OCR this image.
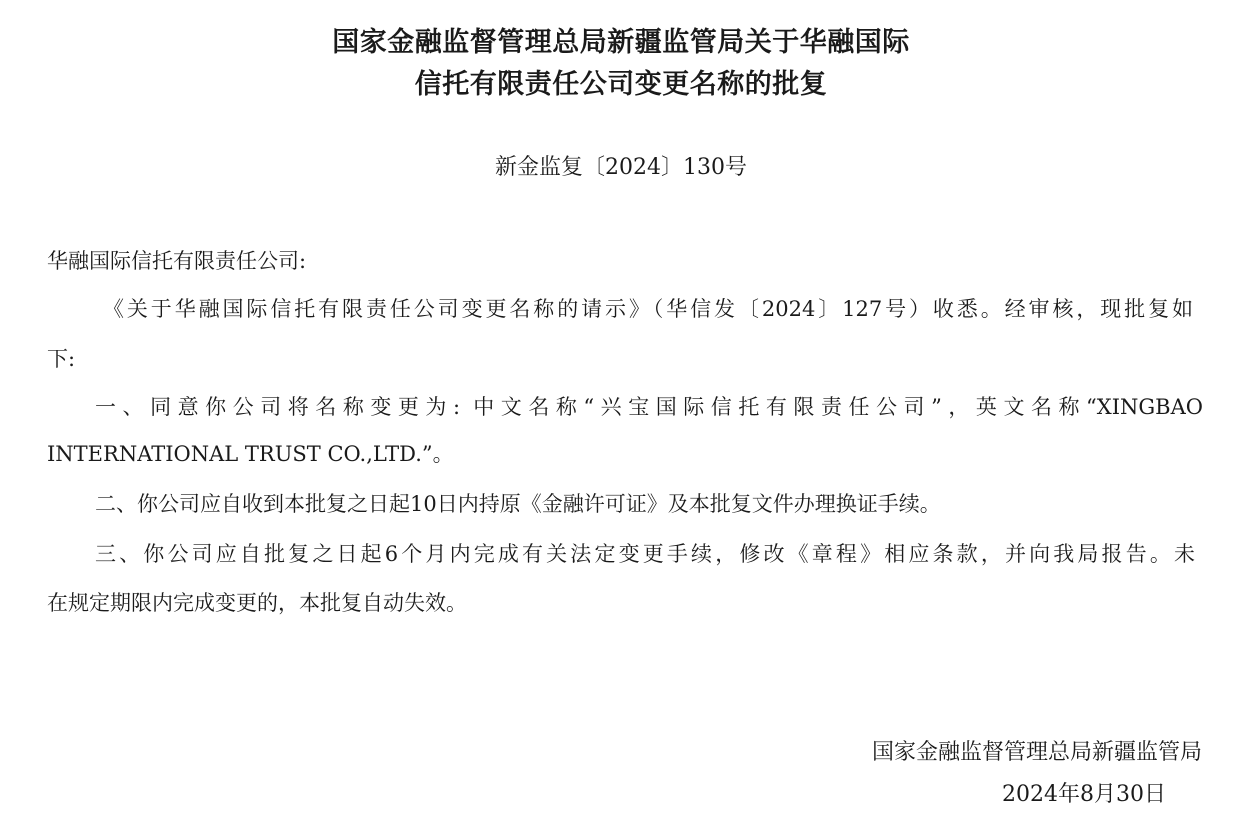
国家金融监督管理总局新疆监管局关于华融国际
信托有限责任公司变更名称的批复
新金监复〔2024〕130号
华融国际信托有限责任公司:
《关于华融国际信托有限责任公司变更名称的请示》（华信发〔2024〕127号）收悉。经审核，现批复如
下:
一、同意你公司将名称变更为: 中文名称“兴宝国际信托有限责任公司”，英文名称“XINGBAO
INTERNATIONAL TRUST CO.,LTD.”。
二、你公司应自收到本批复之日起10日内持原《金融许可证》及本批复文件办理换证手续。
三、你公司应自批复之日起6个月内完成有关法定变更手续，修改《章程》相应条款，并向我局报告。未
在规定期限内完成变更的，本批复自动失效。
国家金融监督管理总局新疆监管局
2024年8月30日
